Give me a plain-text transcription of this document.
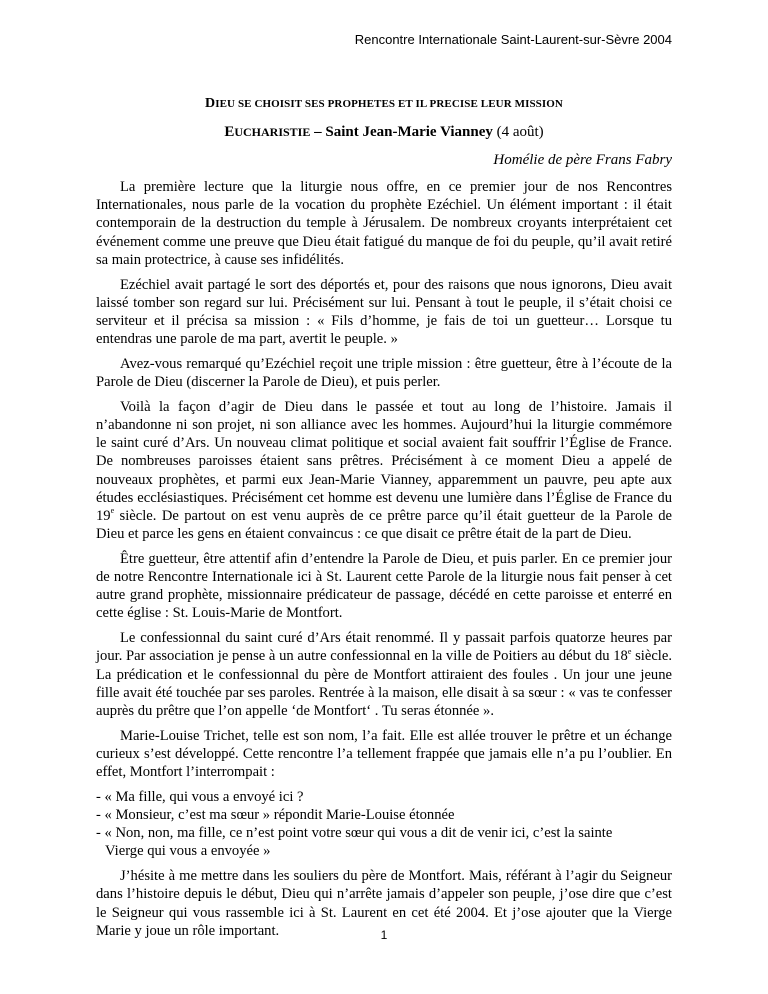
Rencontre Internationale Saint-Laurent-sur-Sèvre 2004
DIEU SE CHOISIT SES PROPHETES ET IL PRECISE LEUR MISSION
EUCHARISTIE – Saint Jean-Marie Vianney (4 août)
Homélie de père Frans Fabry

La première lecture que la liturgie nous offre, en ce premier jour de nos Rencontres Internationales, nous parle de la vocation du prophète Ezéchiel. Un élément important : il était contemporain de la destruction du temple à Jérusalem. De nombreux croyants interprétaient cet événement comme une preuve que Dieu était fatigué du manque de foi du peuple, qu’il avait retiré sa main protectrice, à cause ses infidélités.

Ezéchiel avait partagé le sort des déportés et, pour des raisons que nous ignorons, Dieu avait laissé tomber son regard sur lui. Précisément sur lui. Pensant à tout le peuple, il s’était choisi ce serviteur et il précisa sa mission : « Fils d’homme, je fais de toi un guetteur… Lorsque tu entendras une parole de ma part, avertit le peuple. »

Avez-vous remarqué qu’Ezéchiel reçoit une triple mission : être guetteur, être à l’écoute de la Parole de Dieu (discerner la Parole de Dieu), et puis perler.

Voilà la façon d’agir de Dieu dans le passée et tout au long de l’histoire. Jamais il n’abandonne ni son projet, ni son alliance avec les hommes. Aujourd’hui la liturgie commémore le saint curé d’Ars. Un nouveau climat politique et social avaient fait souffrir l’Église de France. De nombreuses paroisses étaient sans prêtres. Précisément à ce moment Dieu a appelé de nouveaux prophètes, et parmi eux Jean-Marie Vianney, apparemment un pauvre, peu apte aux études ecclésiastiques. Précisément cet homme est devenu une lumière dans l’Église de France du 19e siècle. De partout on est venu auprès de ce prêtre parce qu’il était guetteur de la Parole de Dieu et parce les gens en étaient convaincus : ce que disait ce prêtre était de la part de Dieu.

Être guetteur, être attentif afin d’entendre la Parole de Dieu, et puis parler. En ce premier jour de notre Rencontre Internationale ici à St. Laurent cette Parole de la liturgie nous fait penser à cet autre grand prophète, missionnaire prédicateur de passage, décédé en cette paroisse et enterré en cette église : St. Louis-Marie de Montfort.

Le confessionnal du saint curé d’Ars était renommé. Il y passait parfois quatorze heures par jour. Par association je pense à un autre confessionnal en la ville de Poitiers au début du 18e siècle. La prédication et le confessionnal du père de Montfort attiraient des foules . Un jour une jeune fille avait été touchée par ses paroles. Rentrée à la maison, elle disait à sa sœur : « vas te confesser auprès du prêtre que l’on appelle ‘de Montfort‘ . Tu seras étonnée ».

Marie-Louise Trichet, telle est son nom, l’a fait. Elle est allée trouver le prêtre et un échange curieux s’est développé. Cette rencontre l’a tellement frappée que jamais elle n’a pu l’oublier. En effet, Montfort l’interrompait :

- « Ma fille, qui vous a envoyé ici ?
- « Monsieur, c’est ma sœur » répondit Marie-Louise étonnée
- « Non, non, ma fille, ce n’est point votre sœur qui vous a dit de venir ici, c’est la sainte
Vierge qui vous a envoyée »

J’hésite à me mettre dans les souliers du père de Montfort. Mais, référant à l’agir du Seigneur dans l’histoire depuis le début, Dieu qui n’arrête jamais d’appeler son peuple, j’ose dire que c’est le Seigneur qui vous rassemble ici à St. Laurent en cet été 2004. Et j’ose ajouter que la Vierge Marie y joue un rôle important.	1
